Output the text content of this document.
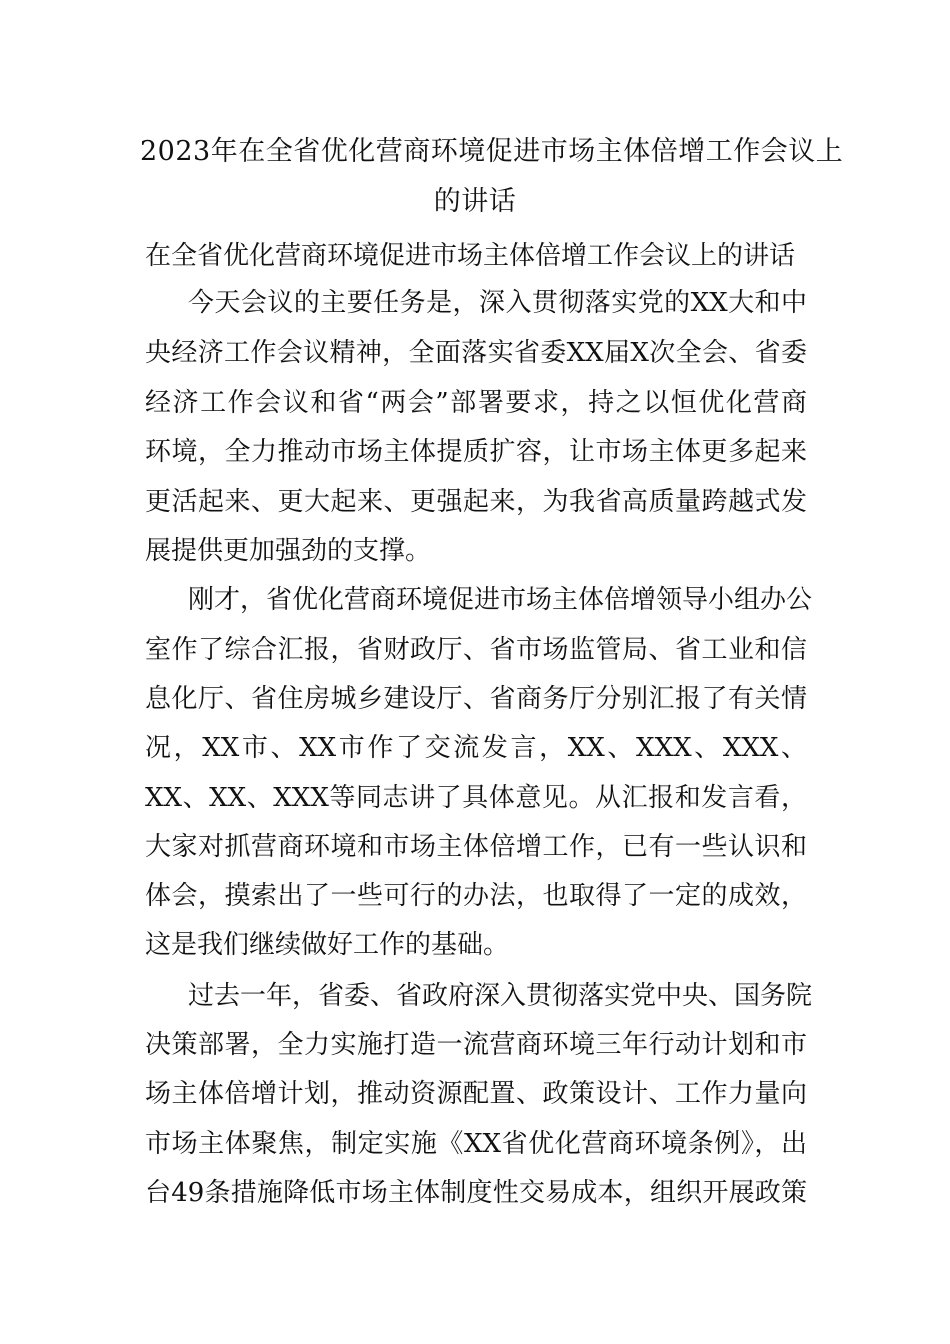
2023年在全省优化营商环境促进市场主体倍增工作会议上
的讲话
在全省优化营商环境促进市场主体倍增工作会议上的讲话
今天会议的主要任务是，深入贯彻落实党的XX大和中
央经济工作会议精神，全面落实省委XX届X次全会、省委
经济工作会议和省“两会”部署要求，持之以恒优化营商
环境，全力推动市场主体提质扩容，让市场主体更多起来
更活起来、更大起来、更强起来，为我省高质量跨越式发
展提供更加强劲的支撑。
刚才，省优化营商环境促进市场主体倍增领导小组办公
室作了综合汇报，省财政厅、省市场监管局、省工业和信
息化厅、省住房城乡建设厅、省商务厅分别汇报了有关情
况，XX市、XX市作了交流发言，XX、XXX、XXX、
XX、XX、XXX等同志讲了具体意见。从汇报和发言看，
大家对抓营商环境和市场主体倍增工作，已有一些认识和
体会，摸索出了一些可行的办法，也取得了一定的成效，
这是我们继续做好工作的基础。
过去一年，省委、省政府深入贯彻落实党中央、国务院
决策部署，全力实施打造一流营商环境三年行动计划和市
场主体倍增计划，推动资源配置、政策设计、工作力量向
市场主体聚焦，制定实施《XX省优化营商环境条例》，出
台49条措施降低市场主体制度性交易成本，组织开展政策
